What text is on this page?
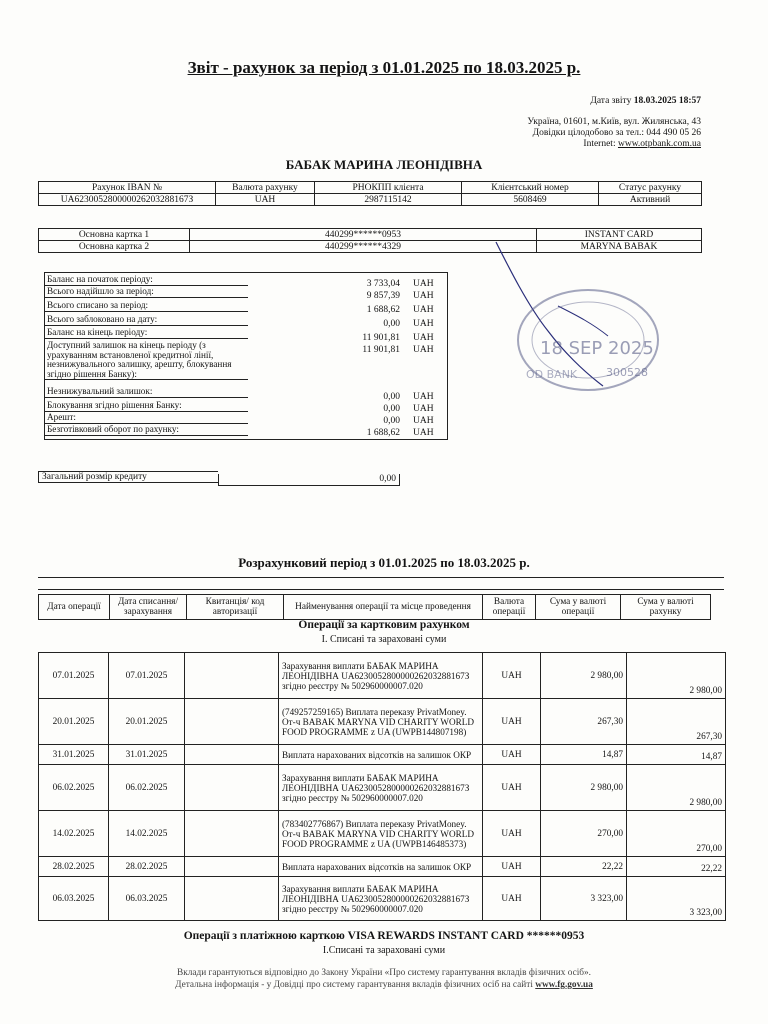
Звіт - рахунок за період з 01.01.2025 по 18.03.2025 р.
Дата звіту 18.03.2025 18:57
Україна, 01601, м.Київ, вул. Жилянська, 43
Довідки цілодобово за тел.: 044 490 05 26
Internet: www.otpbank.com.ua
БАБАК МАРИНА ЛЕОНІДІВНА
Рахунок IBAN №	Валюта рахунку	РНОКПП клієнта	Клієнтський номер	Статус рахунку
UA623005280000026203288167З	UAH	2987115142	5608469	Активний
Основна картка 1	440299******0953	INSTANT CARD
Основна картка 2	440299******4329	MARYNA BABAK
18 SEP 2025
300528
OD BANK
Баланс на початок періоду:	3 733,04 UAH
Всього надійшло за період:	9 857,39 UAH
Всього списано за період:	1 688,62 UAH
Всього заблоковано на дату:	0,00 UAH
Баланс на кінець періоду:
11 901,81 UAH
Доступний залишок на кінець періоду (з урахуванням встановленої кредитної лінії, незнижувального залишку, арешту, блокування згідно рішення Банку):
11 901,81 UAH
Незнижувальний залишок:
0,00 UAH
Блокування згідно рішення Банку:	0,00 UAH
Арешт:	0,00 UAH
Безготівковий оборот по рахунку:	1 688,62 UAH
Загальний розмір кредиту	0,00
Розрахунковий період з 01.01.2025 по 18.03.2025 р.
Дата операції	Дата списання/ зарахування	Квитанція/ код авторизації	Найменування операції та місце проведення	Валюта операції	Сума у валюті операції	Сума у валюті рахунку
Операції за картковим рахунком
I. Списані та зараховані суми
07.01.2025	07.01.2025		Зарахування виплати БАБАК МАРИНА ЛЕОНІДІВНА UA623005280000026203288167З згідно реєстру № 502960000007.020	UAH	2 980,00	2 980,00
20.01.2025	20.01.2025		(749257259165) Виплата переказу PrivatMoney. От-ч BABAK MARYNA VID CHARITY WORLD FOOD PROGRAMME z UA (UWPB144807198)	UAH	267,30	267,30
31.01.2025	31.01.2025		Виплата нарахованих відсотків на залишок ОКР	UAH	14,87	14,87
06.02.2025	06.02.2025		Зарахування виплати БАБАК МАРИНА ЛЕОНІДІВНА UA623005280000026203288167З згідно реєстру № 502960000007.020	UAH	2 980,00	2 980,00
14.02.2025	14.02.2025		(783402776867) Виплата переказу PrivatMoney. От-ч BABAK MARYNA VID CHARITY WORLD FOOD PROGRAMME z UA (UWPB146485373)	UAH	270,00	270,00
28.02.2025	28.02.2025		Виплата нарахованих відсотків на залишок ОКР	UAH	22,22	22,22
06.03.2025	06.03.2025		Зарахування виплати БАБАК МАРИНА ЛЕОНІДІВНА UA623005280000026203288167З згідно реєстру № 502960000007.020	UAH	3 323,00	3 323,00
Операції з платіжною карткою VISA REWARDS INSTANT CARD ******0953
I.Списані та зараховані суми
Вклади гарантуються відповідно до Закону України «Про систему гарантування вкладів фізичних осіб».
Детальна інформація - у Довідці про систему гарантування вкладів фізичних осіб на сайті www.fg.gov.ua
